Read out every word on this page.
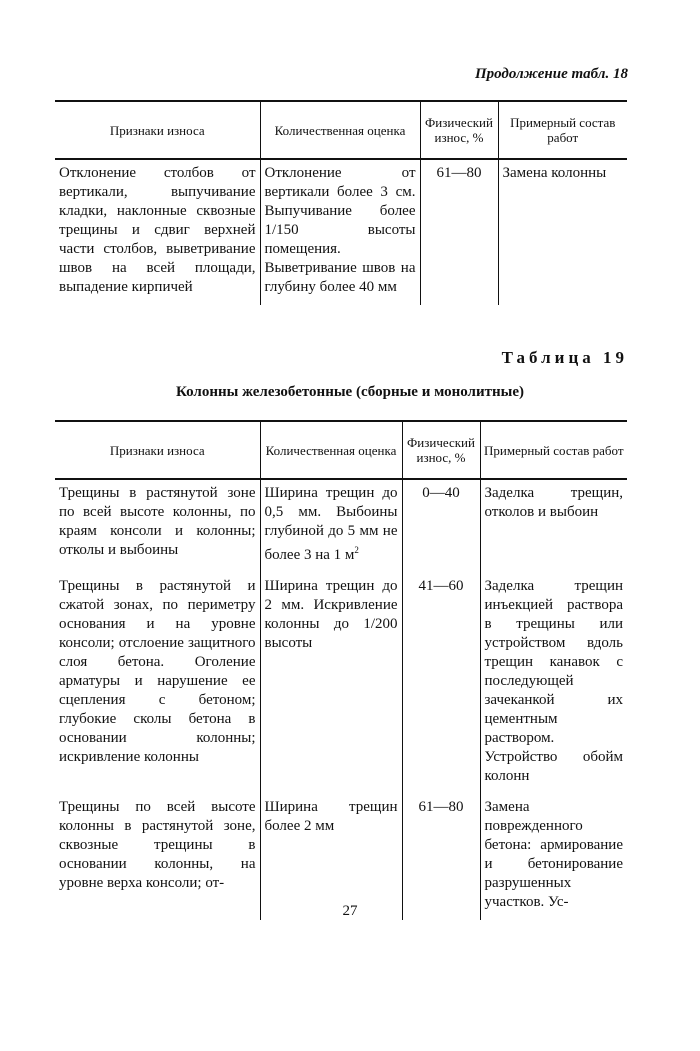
Продолжение табл. 18
Признаки износа	Количественная оценка	Физический износ, %	Примерный состав работ
Отклонение столбов от вертикали, выпучивание кладки, наклонные сквозные трещины и сдвиг верхней части столбов, выветривание швов на всей площади, выпадение кирпичей	Отклонение от вертикали более 3 см. Выпучивание более 1/150 высоты помещения. Выветривание швов на глубину более 40 мм	61—80	Замена колонны
Таблица 19
Колонны железобетонные (сборные и монолитные)
Признаки износа	Количественная оценка	Физический износ, %	Примерный состав работ
Трещины в растянутой зоне по всей высоте колонны, по краям консоли и колонны; отколы и выбоины	Ширина трещин до 0,5 мм. Выбоины глубиной до 5 мм не более 3 на 1 $м^2$	0—40	Заделка трещин, отколов и выбоин
Трещины в растянутой и сжатой зонах, по периметру основания и на уровне консоли; отслоение защитного слоя бетона. Оголение арматуры и нарушение ее сцепления с бетоном; глубокие сколы бетона в основании колонны; искривление колонны	Ширина трещин до 2 мм. Искривление колонны до 1/200 высоты	41—60	Заделка трещин инъекцией раствора в трещины или устройством вдоль трещин канавок с последующей зачеканкой их цементным раствором. Устройство обойм колонн
Трещины по всей высоте колонны в растянутой зоне, сквозные трещины в основании колонны, на уровне верха консоли; от-	Ширина трещин более 2 мм	61—80	Замена поврежденного бетона: армирование и бетонирование разрушенных участков. Ус-
27
